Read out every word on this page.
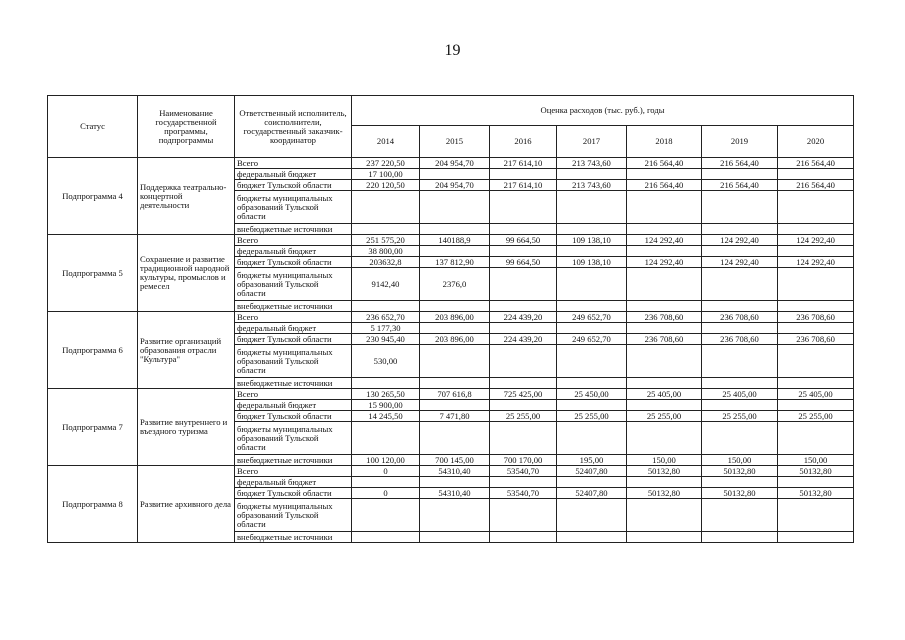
19
Статус	Наименование государственной программы, подпрограммы	Ответственный исполнитель, соисполнители, государственный заказчик-координатор	Оценка расходов (тыс. руб.), годы						
			2014	2015	2016	2017	2018	2019	2020
Подпрограмма 4	Поддержка театрально-концертной деятельности	Всего	237 220,50	204 954,70	217 614,10	213 743,60	216 564,40	216 564,40	216 564,40
		федеральный бюджет	17 100,00						
		бюджет Тульской области	220 120,50	204 954,70	217 614,10	213 743,60	216 564,40	216 564,40	216 564,40
		бюджеты муниципальных образований Тульской области							
		внебюджетные источники							
Подпрограмма 5	Сохранение и развитие традиционной народной культуры, промыслов и ремесел	Всего	251 575,20	140188,9	99 664,50	109 138,10	124 292,40	124 292,40	124 292,40
		федеральный бюджет	38 800,00						
		бюджет Тульской области	203632,8	137 812,90	99 664,50	109 138,10	124 292,40	124 292,40	124 292,40
		бюджеты муниципальных образований Тульской области	9142,40	2376,0					
		внебюджетные источники							
Подпрограмма 6	Развитие организаций образования отрасли "Культура"	Всего	236 652,70	203 896,00	224 439,20	249 652,70	236 708,60	236 708,60	236 708,60
		федеральный бюджет	5 177,30						
		бюджет Тульской области	230 945,40	203 896,00	224 439,20	249 652,70	236 708,60	236 708,60	236 708,60
		бюджеты муниципальных образований Тульской области	530,00						
		внебюджетные источники							
Подпрограмма 7	Развитие внутреннего и въездного туризма	Всего	130 265,50	707 616,8	725 425,00	25 450,00	25 405,00	25 405,00	25 405,00
		федеральный бюджет	15 900,00						
		бюджет Тульской области	14 245,50	7 471,80	25 255,00	25 255,00	25 255,00	25 255,00	25 255,00
		бюджеты муниципальных образований Тульской области							
		внебюджетные источники	100 120,00	700 145,00	700 170,00	195,00	150,00	150,00	150,00
Подпрограмма 8	Развитие архивного дела	Всего	0	54310,40	53540,70	52407,80	50132,80	50132,80	50132,80
		федеральный бюджет							
		бюджет Тульской области	0	54310,40	53540,70	52407,80	50132,80	50132,80	50132,80
		бюджеты муниципальных образований Тульской области							
		внебюджетные источники							
